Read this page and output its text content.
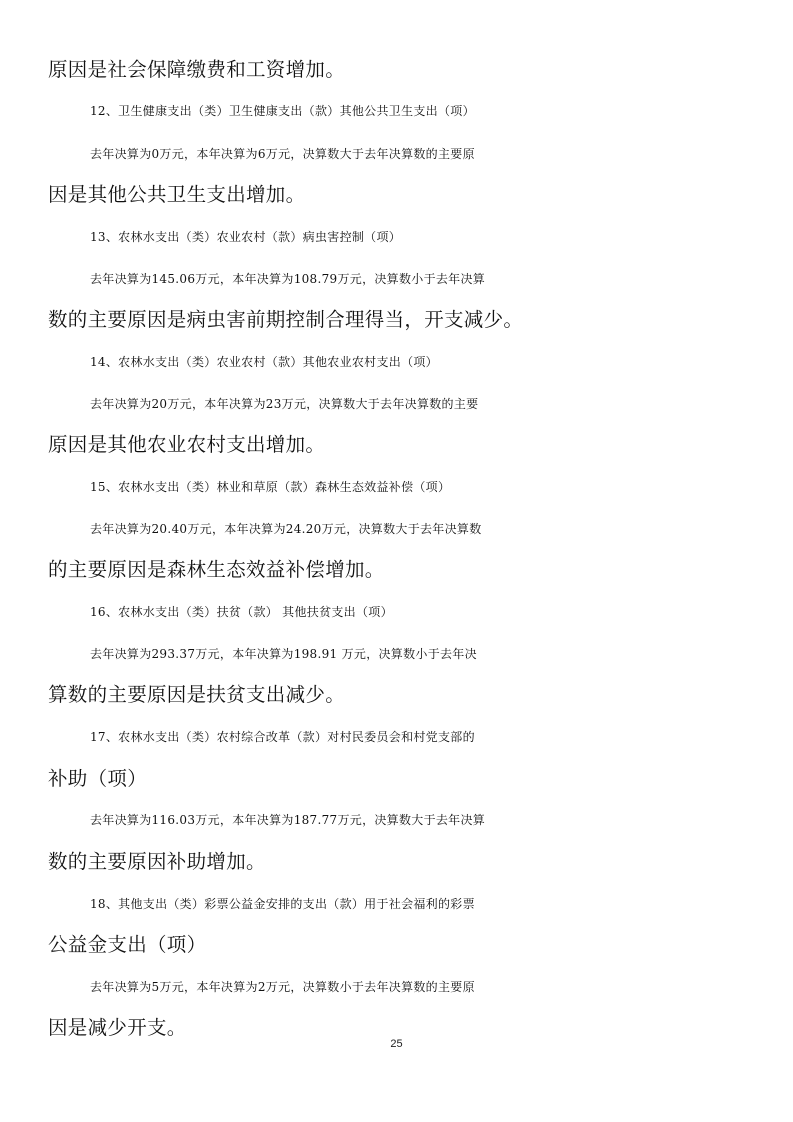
原因是社会保障缴费和工资增加。
12、卫生健康支出（类）卫生健康支出（款）其他公共卫生支出（项）
去年决算为0万元，本年决算为6万元，决算数大于去年决算数的主要原
因是其他公共卫生支出增加。
13、农林水支出（类）农业农村（款）病虫害控制（项）
去年决算为145.06万元，本年决算为108.79万元，决算数小于去年决算
数的主要原因是病虫害前期控制合理得当，开支减少。
14、农林水支出（类）农业农村（款）其他农业农村支出（项）
去年决算为20万元，本年决算为23万元，决算数大于去年决算数的主要
原因是其他农业农村支出增加。
15、农林水支出（类）林业和草原（款）森林生态效益补偿（项）
去年决算为20.40万元，本年决算为24.20万元，决算数大于去年决算数
的主要原因是森林生态效益补偿增加。
16、农林水支出（类）扶贫（款） 其他扶贫支出（项）
去年决算为293.37万元，本年决算为198.91 万元，决算数小于去年决
算数的主要原因是扶贫支出减少。
17、农林水支出（类）农村综合改革（款）对村民委员会和村党支部的
补助（项）
去年决算为116.03万元，本年决算为187.77万元，决算数大于去年决算
数的主要原因补助增加。
18、其他支出（类）彩票公益金安排的支出（款）用于社会福利的彩票
公益金支出（项）
去年决算为5万元，本年决算为2万元，决算数小于去年决算数的主要原
因是减少开支。
25
